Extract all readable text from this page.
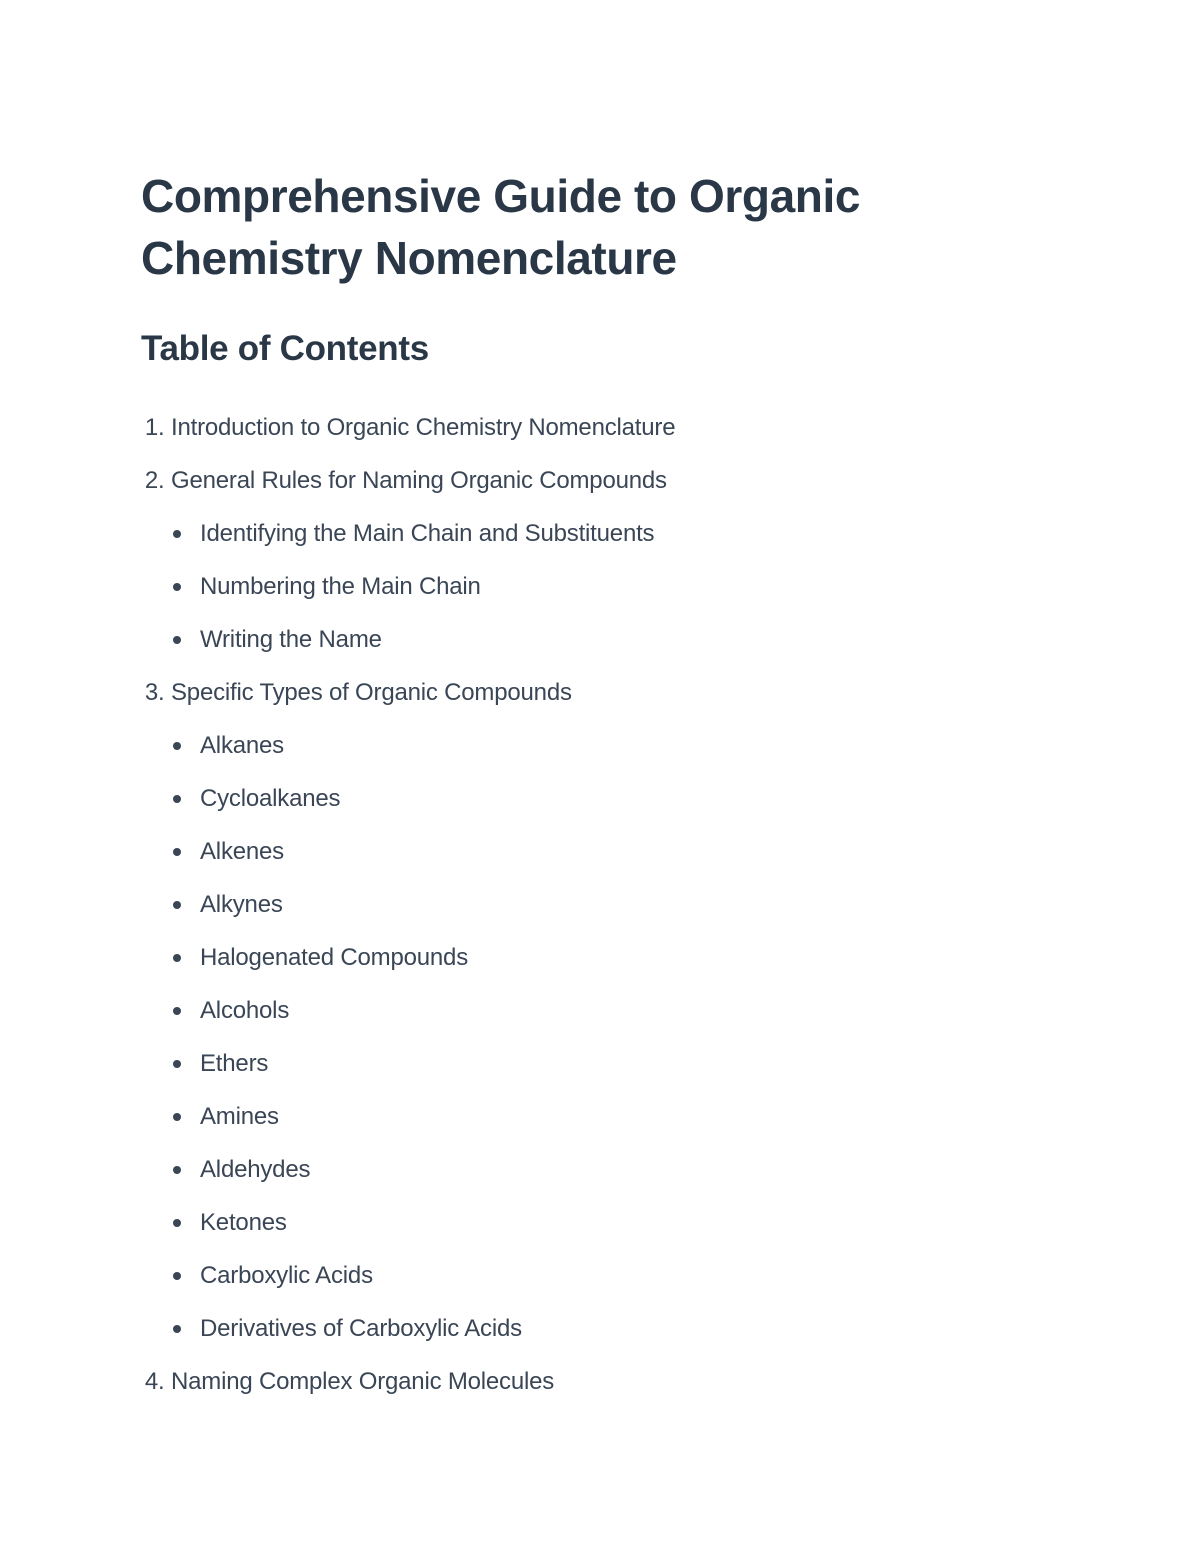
Comprehensive Guide to Organic Chemistry Nomenclature
Table of Contents
1. Introduction to Organic Chemistry Nomenclature
2. General Rules for Naming Organic Compounds
Identifying the Main Chain and Substituents
Numbering the Main Chain
Writing the Name
3. Specific Types of Organic Compounds
Alkanes
Cycloalkanes
Alkenes
Alkynes
Halogenated Compounds
Alcohols
Ethers
Amines
Aldehydes
Ketones
Carboxylic Acids
Derivatives of Carboxylic Acids
4. Naming Complex Organic Molecules
